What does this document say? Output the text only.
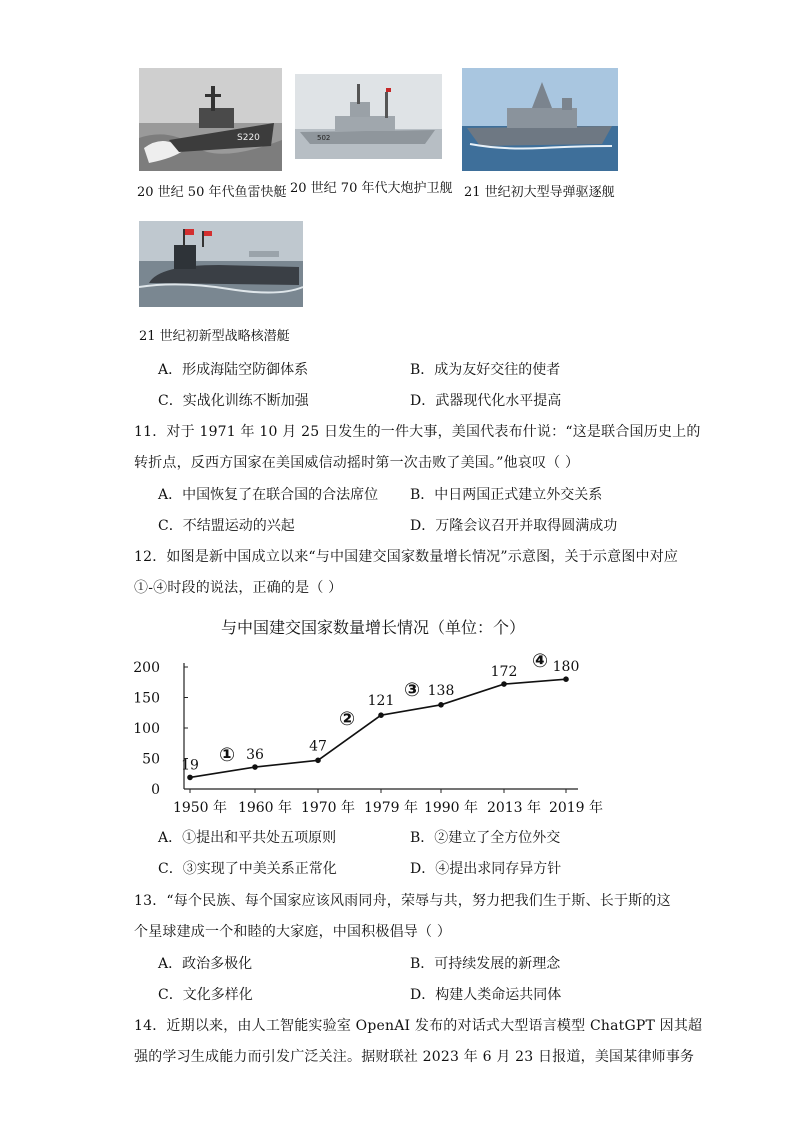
S220	502
20 世纪 50 年代鱼雷快艇 20 世纪 70 年代大炮护卫舰 21 世纪初大型导弹驱逐舰
21 世纪初新型战略核潜艇
A．形成海陆空防御体系	B．成为友好交往的使者
C．实战化训练不断加强	D．武器现代化水平提高
11．对于 1971 年 10 月 25 日发生的一件大事，美国代表布什说：“这是联合国历史上的
转折点，反西方国家在美国威信动摇时第一次击败了美国。”他哀叹（ ）
A．中国恢复了在联合国的合法席位 B．中日两国正式建立外交关系
C．不结盟运动的兴起	D．万隆会议召开并取得圆满成功
12．如图是新中国成立以来“与中国建交国家数量增长情况”示意图，关于示意图中对应
①-④时段的说法，正确的是（ ）
与中国建交国家数量增长情况（单位：个）
200
150
100
50
0
1950 年 1960 年 1970 年 1979 年 1990 年 2013 年 2019 年
19
36
47
121
138
172	180
①
②
③
④
A．①提出和平共处五项原则	B．②建立了全方位外交
C．③实现了中美关系正常化	D．④提出求同存异方针
13．“每个民族、每个国家应该风雨同舟，荣辱与共，努力把我们生于斯、长于斯的这
个星球建成一个和睦的大家庭，中国积极倡导（ ）
A．政治多极化	B．可持续发展的新理念
C．文化多样化	D．构建人类命运共同体
14．近期以来，由人工智能实验室 OpenAI 发布的对话式大型语言模型 ChatGPT 因其超
强的学习生成能力而引发广泛关注。据财联社 2023 年 6 月 23 日报道，美国某律师事务
